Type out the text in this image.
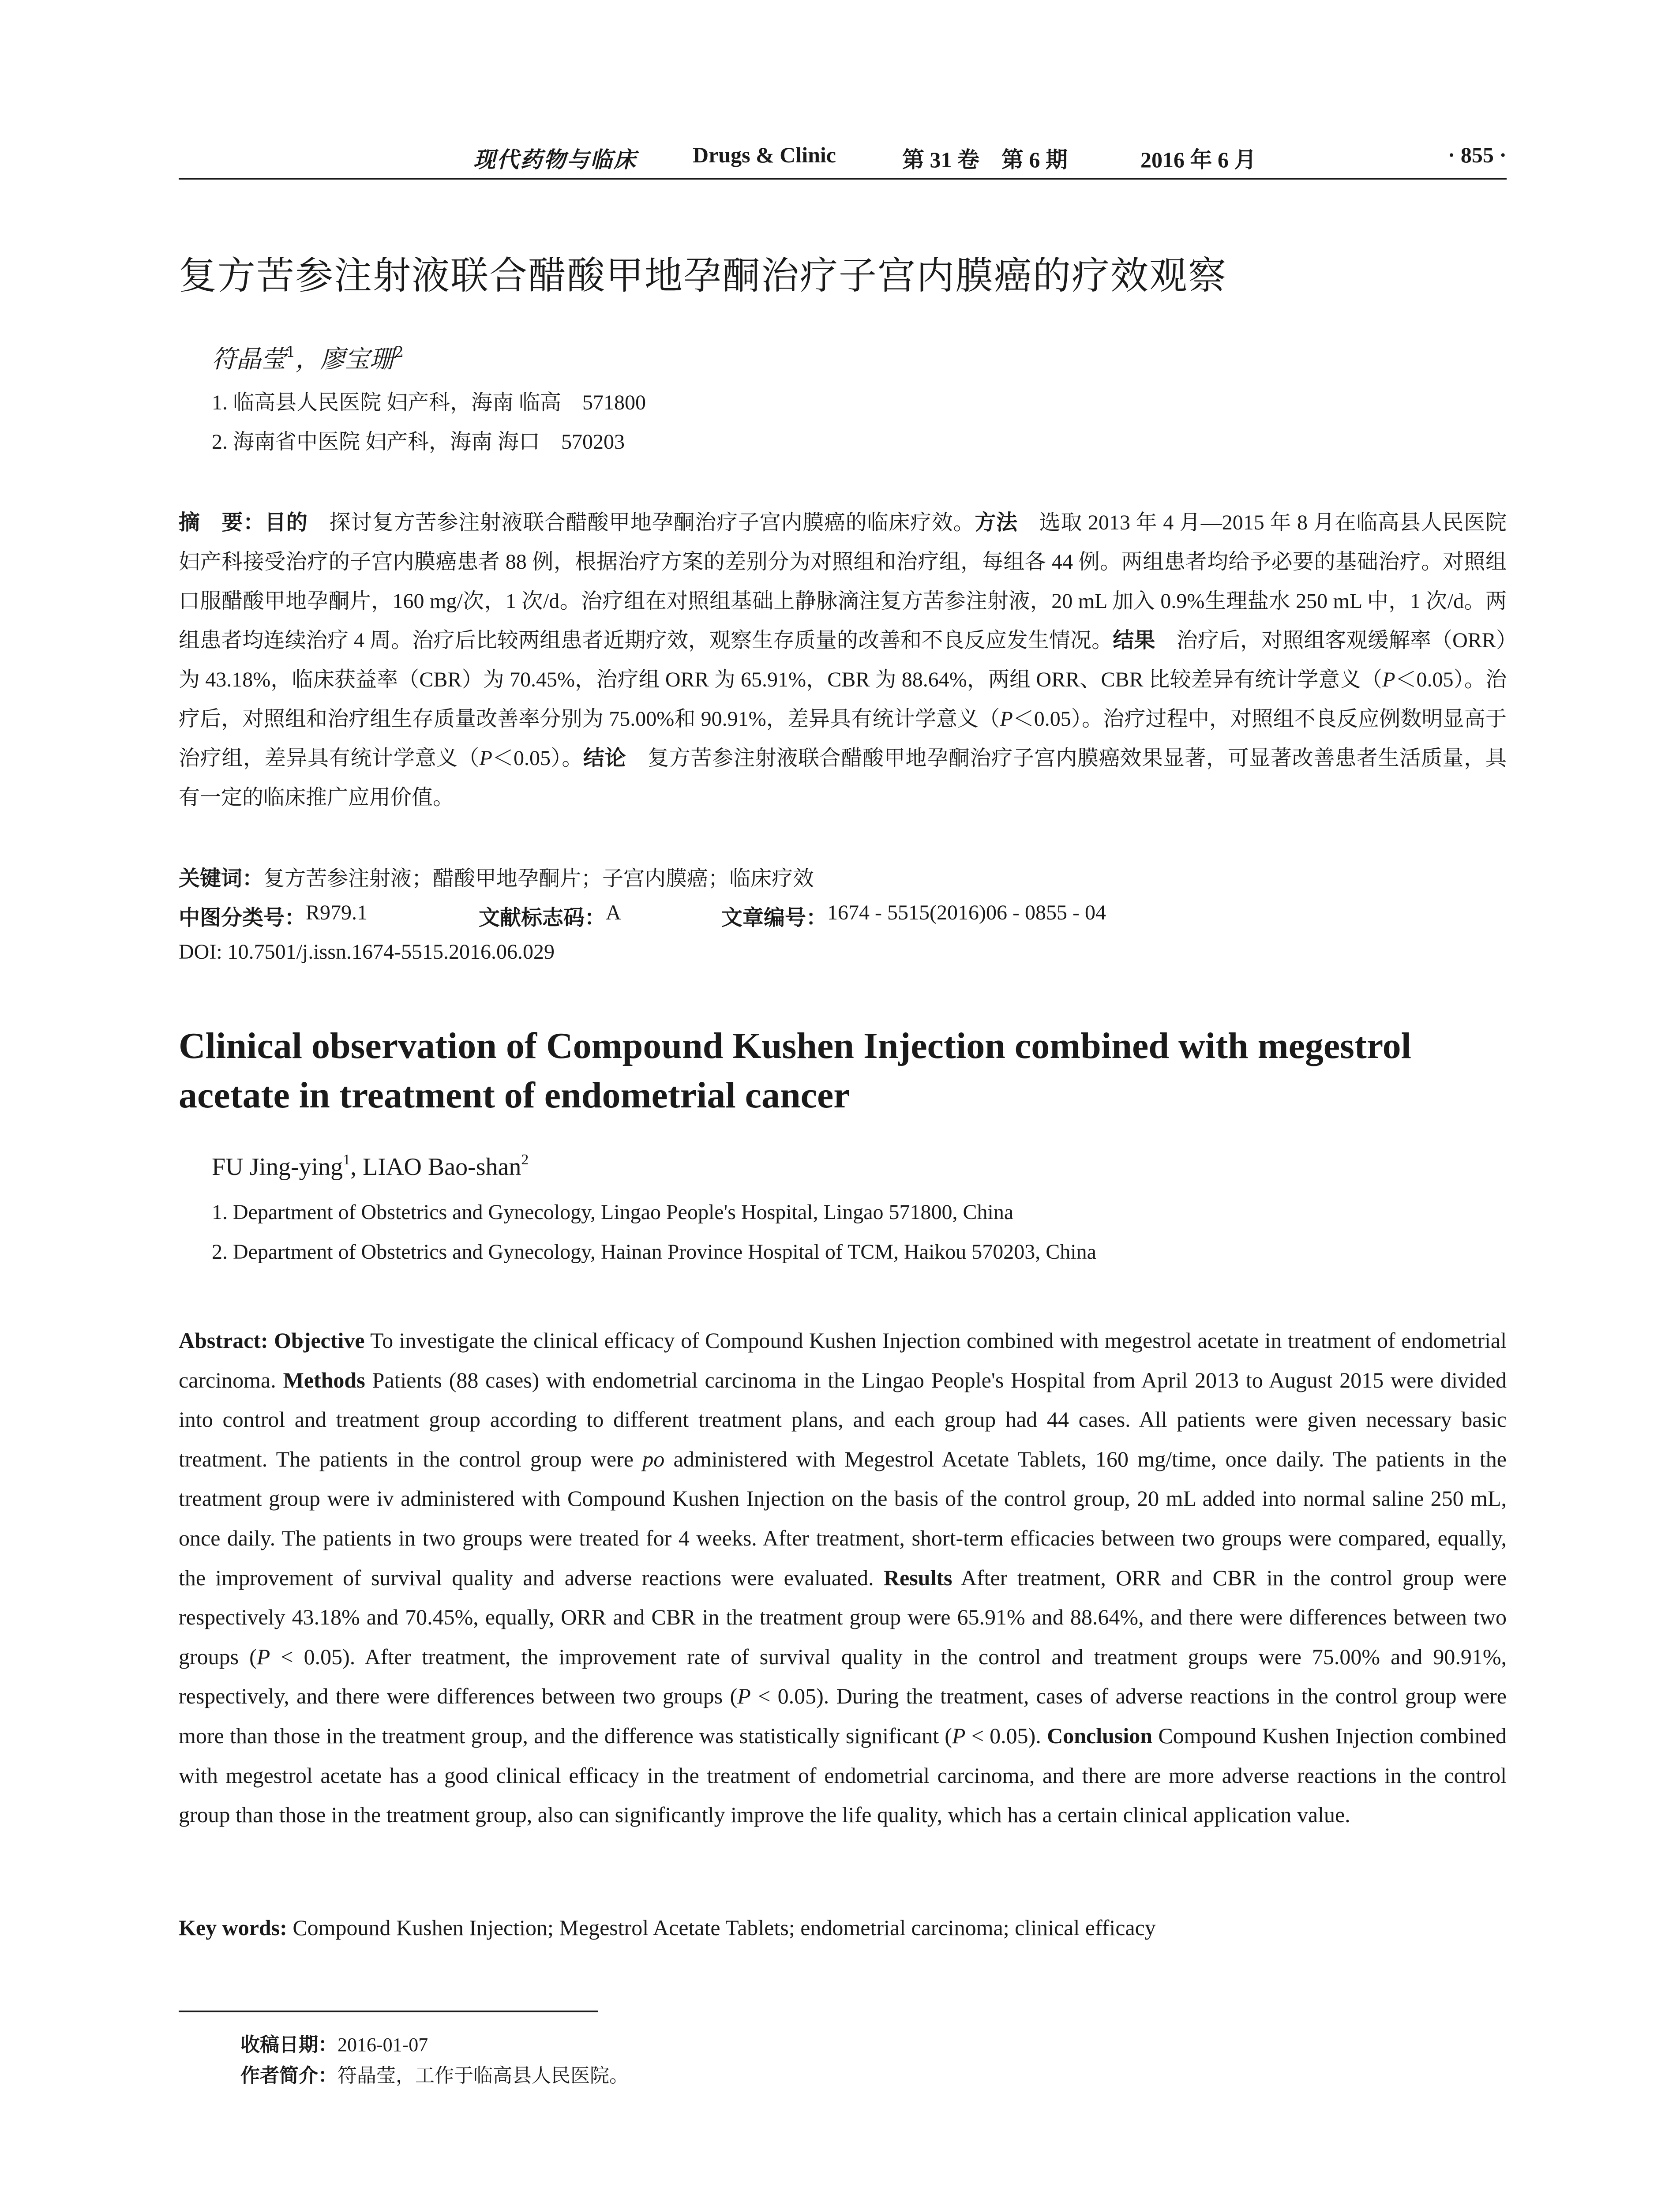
现代药物与临床	Drugs & Clinic	第 31 卷　第 6 期	2016 年 6 月	· 855 ·
复方苦参注射液联合醋酸甲地孕酮治疗子宫内膜癌的疗效观察
符晶莹$^1$，廖宝珊$^2$
1. 临高县人民医院 妇产科，海南 临高　571800
2. 海南省中医院 妇产科，海南 海口　570203
摘　要：目的　探讨复方苦参注射液联合醋酸甲地孕酮治疗子宫内膜癌的临床疗效。方法　选取 2013 年 4 月—2015 年 8 月在临高县人民医院妇产科接受治疗的子宫内膜癌患者 88 例，根据治疗方案的差别分为对照组和治疗组，每组各 44 例。两组患者均给予必要的基础治疗。对照组口服醋酸甲地孕酮片，160 mg/次，1 次/d。治疗组在对照组基础上静脉滴注复方苦参注射液，20 mL 加入 0.9%生理盐水 250 mL 中，1 次/d。两组患者均连续治疗 4 周。治疗后比较两组患者近期疗效，观察生存质量的改善和不良反应发生情况。结果　治疗后，对照组客观缓解率（ORR）为 43.18%，临床获益率（CBR）为 70.45%，治疗组 ORR 为 65.91%，CBR 为 88.64%，两组 ORR、CBR 比较差异有统计学意义（P＜0.05）。治疗后，对照组和治疗组生存质量改善率分别为 75.00%和 90.91%，差异具有统计学意义（P＜0.05）。治疗过程中，对照组不良反应例数明显高于治疗组，差异具有统计学意义（P＜0.05）。结论　复方苦参注射液联合醋酸甲地孕酮治疗子宫内膜癌效果显著，可显著改善患者生活质量，具有一定的临床推广应用价值。
关键词：复方苦参注射液；醋酸甲地孕酮片；子宫内膜癌；临床疗效
中图分类号： R979.1	文献标志码： A	文章编号： 1674 - 5515(2016)06 - 0855 - 04
DOI: 10.7501/j.issn.1674-5515.2016.06.029
Clinical observation of Compound Kushen Injection combined with megestrol acetate in treatment of endometrial cancer
FU Jing-ying$^1$, LIAO Bao-shan$^2$
1. Department of Obstetrics and Gynecology, Lingao People's Hospital, Lingao 571800, China
2. Department of Obstetrics and Gynecology, Hainan Province Hospital of TCM, Haikou 570203, China
Abstract: Objective To investigate the clinical efficacy of Compound Kushen Injection combined with megestrol acetate in treatment of endometrial carcinoma. Methods Patients (88 cases) with endometrial carcinoma in the Lingao People's Hospital from April 2013 to August 2015 were divided into control and treatment group according to different treatment plans, and each group had 44 cases. All patients were given necessary basic treatment. The patients in the control group were po administered with Megestrol Acetate Tablets, 160 mg/time, once daily. The patients in the treatment group were iv administered with Compound Kushen Injection on the basis of the control group, 20 mL added into normal saline 250 mL, once daily. The patients in two groups were treated for 4 weeks. After treatment, short-term efficacies between two groups were compared, equally, the improvement of survival quality and adverse reactions were evaluated. Results After treatment, ORR and CBR in the control group were respectively 43.18% and 70.45%, equally, ORR and CBR in the treatment group were 65.91% and 88.64%, and there were differences between two groups (P < 0.05). After treatment, the improvement rate of survival quality in the control and treatment groups were 75.00% and 90.91%, respectively, and there were differences between two groups (P < 0.05). During the treatment, cases of adverse reactions in the control group were more than those in the treatment group, and the difference was statistically significant (P < 0.05). Conclusion Compound Kushen Injection combined with megestrol acetate has a good clinical efficacy in the treatment of endometrial carcinoma, and there are more adverse reactions in the control group than those in the treatment group, also can significantly improve the life quality, which has a certain clinical application value.
Key words: Compound Kushen Injection; Megestrol Acetate Tablets; endometrial carcinoma; clinical efficacy
收稿日期：2016-01-07
作者简介：符晶莹，工作于临高县人民医院。
